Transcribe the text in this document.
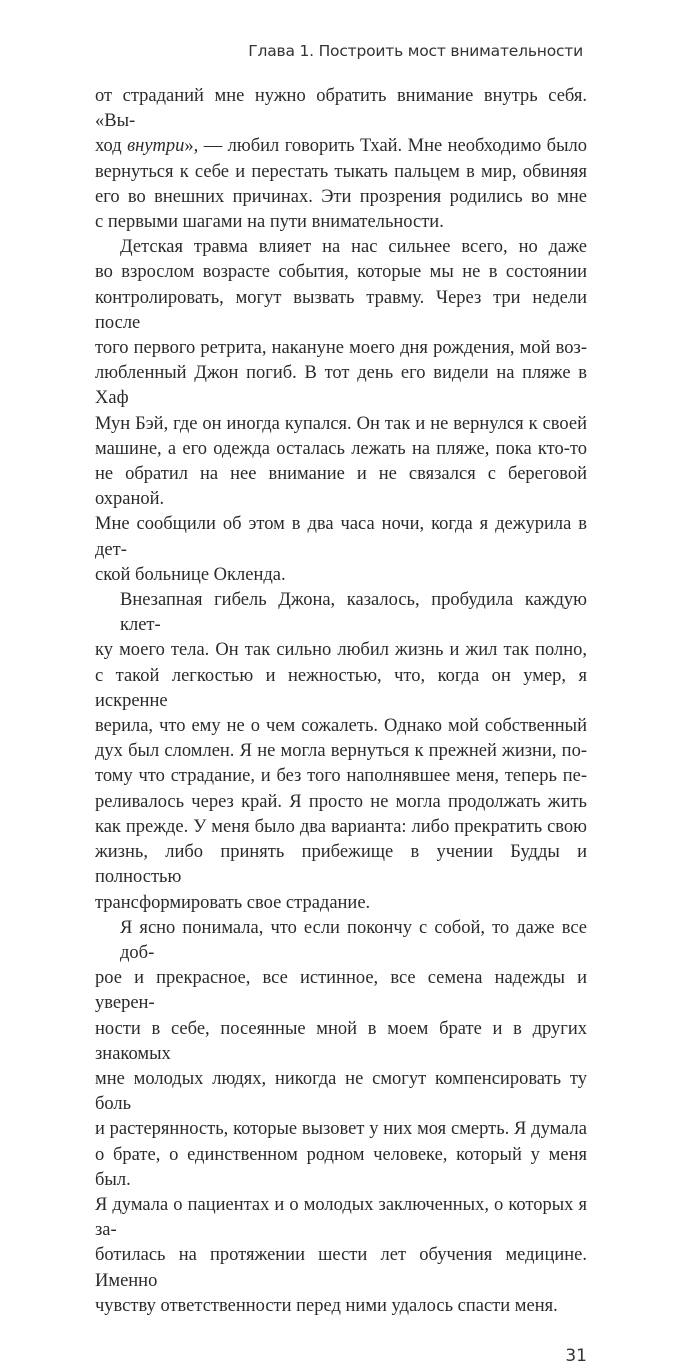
Глава 1. Построить мост внимательности
от страданий мне нужно обратить внимание внутрь себя. «Вы-
ход внутри», — любил говорить Тхай. Мне необходимо было
вернуться к себе и перестать тыкать пальцем в мир, обвиняя
его во внешних причинах. Эти прозрения родились во мне
с первыми шагами на пути внимательности.
Детская травма влияет на нас сильнее всего, но даже
во взрослом возрасте события, которые мы не в состоянии
контролировать, могут вызвать травму. Через три недели после
того первого ретрита, накануне моего дня рождения, мой воз-
любленный Джон погиб. В тот день его видели на пляже в Хаф
Мун Бэй, где он иногда купался. Он так и не вернулся к своей
машине, а его одежда осталась лежать на пляже, пока кто-то
не обратил на нее внимание и не связался с береговой охраной.
Мне сообщили об этом в два часа ночи, когда я дежурила в дет-
ской больнице Окленда.
Внезапная гибель Джона, казалось, пробудила каждую клет-
ку моего тела. Он так сильно любил жизнь и жил так полно,
с такой легкостью и нежностью, что, когда он умер, я искренне
верила, что ему не о чем сожалеть. Однако мой собственный
дух был сломлен. Я не могла вернуться к прежней жизни, по-
тому что страдание, и без того наполнявшее меня, теперь пе-
реливалось через край. Я просто не могла продолжать жить
как прежде. У меня было два варианта: либо прекратить свою
жизнь, либо принять прибежище в учении Будды и полностью
трансформировать свое страдание.
Я ясно понимала, что если покончу с собой, то даже все доб-
рое и прекрасное, все истинное, все семена надежды и уверен-
ности в себе, посеянные мной в моем брате и в других знакомых
мне молодых людях, никогда не смогут компенсировать ту боль
и растерянность, которые вызовет у них моя смерть. Я думала
о брате, о единственном родном человеке, который у меня был.
Я думала о пациентах и о молодых заключенных, о которых я за-
ботилась на протяжении шести лет обучения медицине. Именно
чувству ответственности перед ними удалось спасти меня.
31
